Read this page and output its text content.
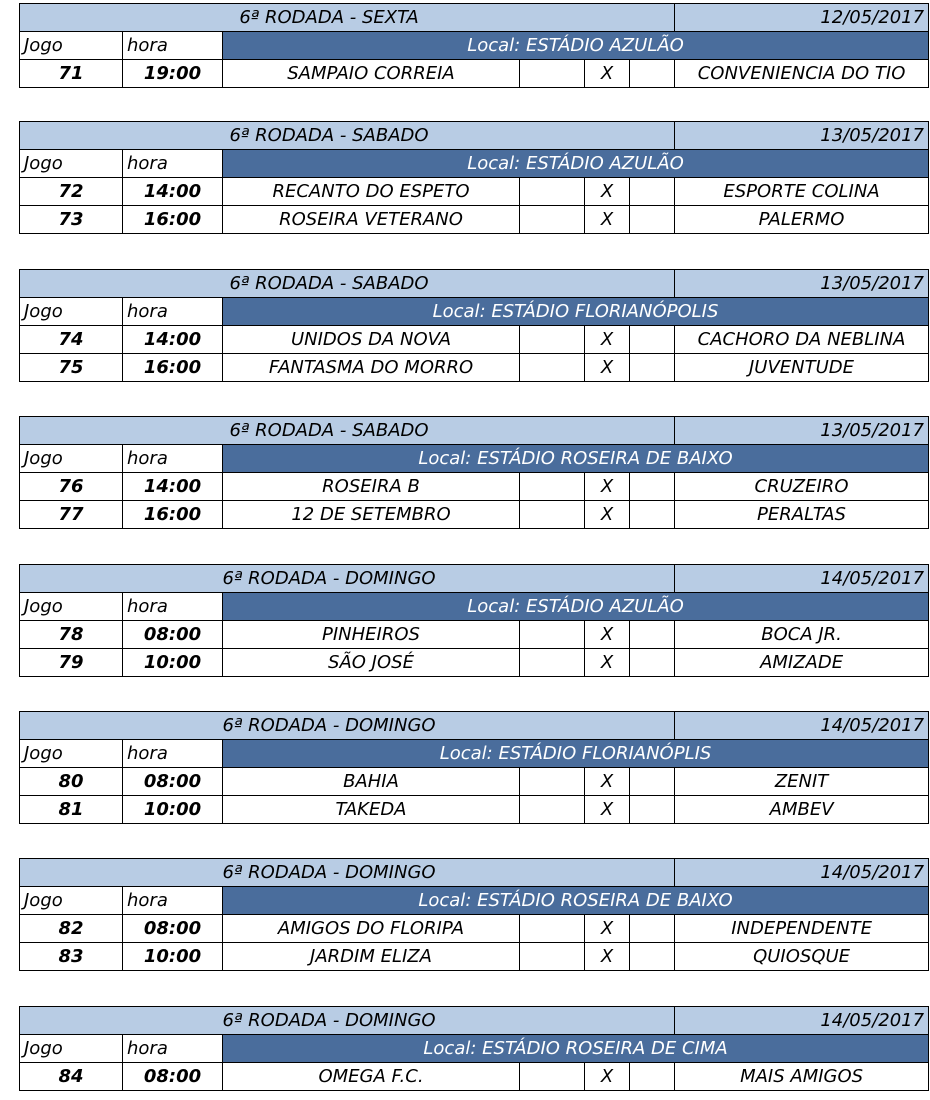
6ª RODADA - SEXTA						12/05/2017
Jogo	hora	Local: ESTÁDIO AZULÃO				
71	19:00	SAMPAIO CORREIA		X		CONVENIENCIA DO TIO
6ª RODADA - SABADO						13/05/2017
Jogo	hora	Local: ESTÁDIO AZULÃO				
72	14:00	RECANTO DO ESPETO		X		ESPORTE COLINA
73	16:00	ROSEIRA VETERANO		X		PALERMO
6ª RODADA - SABADO						13/05/2017
Jogo	hora	Local: ESTÁDIO FLORIANÓPOLIS				
74	14:00	UNIDOS DA NOVA		X		CACHORO DA NEBLINA
75	16:00	FANTASMA DO MORRO		X		JUVENTUDE
6ª RODADA - SABADO						13/05/2017
Jogo	hora	Local: ESTÁDIO ROSEIRA DE BAIXO				
76	14:00	ROSEIRA B		X		CRUZEIRO
77	16:00	12 DE SETEMBRO		X		PERALTAS
6ª RODADA - DOMINGO						14/05/2017
Jogo	hora	Local: ESTÁDIO AZULÃO				
78	08:00	PINHEIROS		X		BOCA JR.
79	10:00	SÃO JOSÉ		X		AMIZADE
6ª RODADA - DOMINGO						14/05/2017
Jogo	hora	Local: ESTÁDIO FLORIANÓPLIS				
80	08:00	BAHIA		X		ZENIT
81	10:00	TAKEDA		X		AMBEV
6ª RODADA - DOMINGO						14/05/2017
Jogo	hora	Local: ESTÁDIO ROSEIRA DE BAIXO				
82	08:00	AMIGOS DO FLORIPA		X		INDEPENDENTE
83	10:00	JARDIM ELIZA		X		QUIOSQUE
6ª RODADA - DOMINGO						14/05/2017
Jogo	hora	Local: ESTÁDIO ROSEIRA DE CIMA				
84	08:00	OMEGA F.C.		X		MAIS AMIGOS
